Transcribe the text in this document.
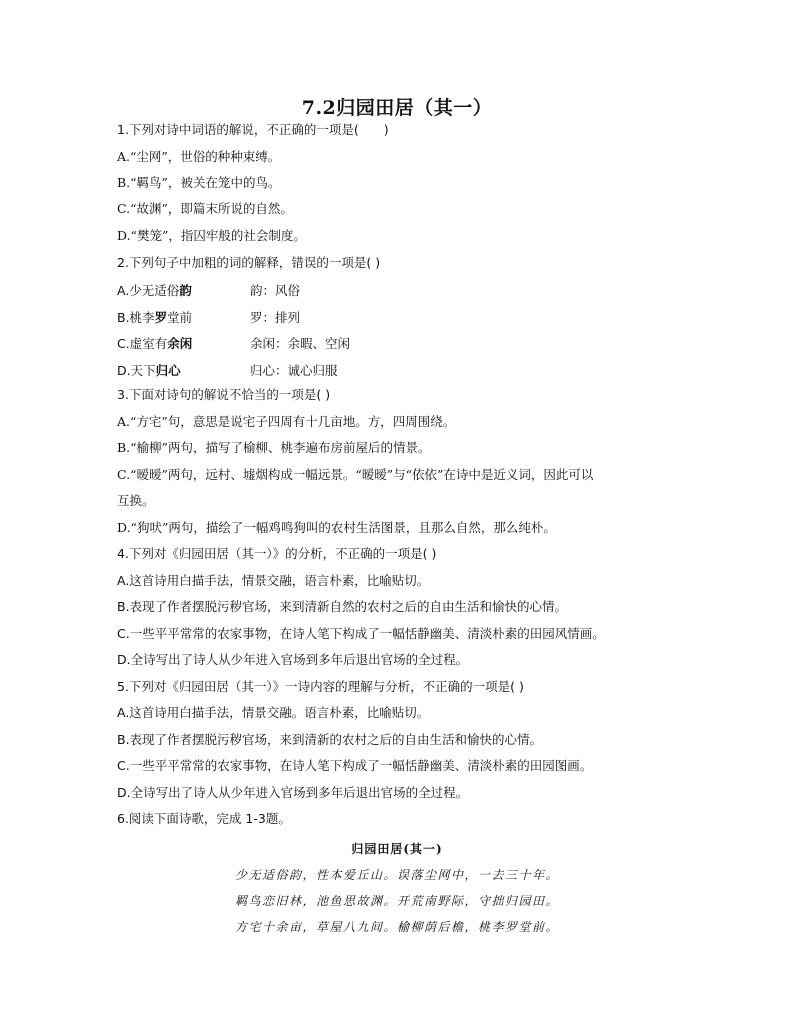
7.2归园田居（其一）
1.下列对诗中词语的解说，不正确的一项是(　　)
A.“尘网”，世俗的种种束缚。
B.“羁鸟”，被关在笼中的鸟。
C.“故渊”，即篇末所说的自然。
D.“樊笼”，指囚牢般的社会制度。
2.下列句子中加粗的词的解释，错误的一项是( )
A.少无适俗韵	韵：风俗
B.桃李罗堂前	罗：排列
C.虚室有余闲	余闲：余暇、空闲
D.天下归心	归心：诚心归服
3.下面对诗句的解说不恰当的一项是( )
A.“方宅”句，意思是说宅子四周有十几亩地。方，四周围绕。
B.“榆柳”两句，描写了榆柳、桃李遍布房前屋后的情景。
C.“暧暧”两句，远村、墟烟构成一幅远景。“暧暧”与“依依”在诗中是近义词，因此可以
互换。
D.“狗吠”两句，描绘了一幅鸡鸣狗叫的农村生活图景，且那么自然，那么纯朴。
4.下列对《归园田居（其一）》的分析，不正确的一项是( )
A.这首诗用白描手法，情景交融，语言朴素，比喻贴切。
B.表现了作者摆脱污秽官场，来到清新自然的农村之后的自由生活和愉快的心情。
C.一些平平常常的农家事物，在诗人笔下构成了一幅恬静幽美、清淡朴素的田园风情画。
D.全诗写出了诗人从少年进入官场到多年后退出官场的全过程。
5.下列对《归园田居（其一）》一诗内容的理解与分析，不正确的一项是( )
A.这首诗用白描手法，情景交融。语言朴素，比喻贴切。
B.表现了作者摆脱污秽官场，来到清新的农村之后的自由生活和愉快的心情。
C.一些平平常常的农家事物，在诗人笔下构成了一幅恬静幽美、清淡朴素的田园图画。
D.全诗写出了诗人从少年进入官场到多年后退出官场的全过程。
6.阅读下面诗歌，完成 1-3题。
归园田居(其一)
少无适俗韵，性本爱丘山。误落尘网中，一去三十年。
羁鸟恋旧林，池鱼思故渊。开荒南野际，守拙归园田。
方宅十余亩，草屋八九间。榆柳荫后檐，桃李罗堂前。
